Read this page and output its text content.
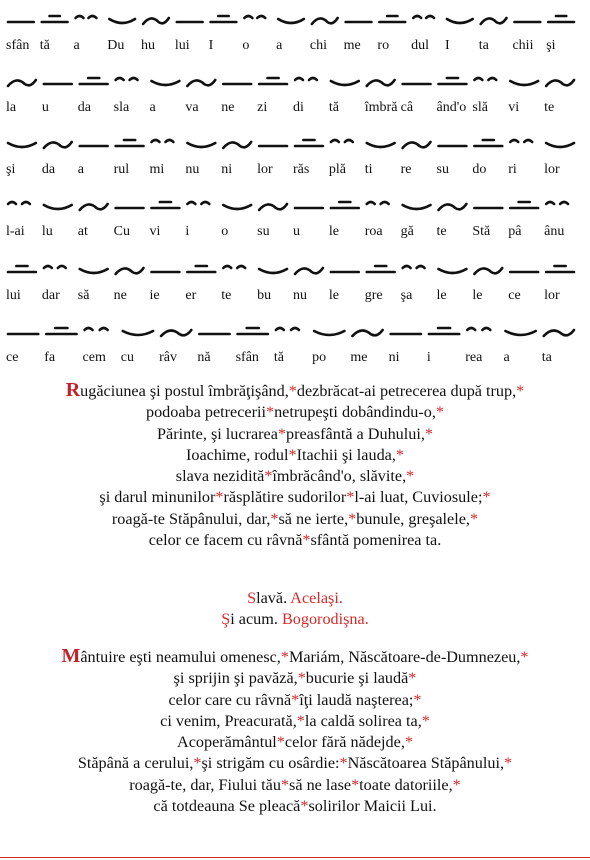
sfân tă a Du hu lui I o a chi me ro dul I ta chii şi
la u da sla a va ne zi di tă îmbră câ ând'o slă vi te
şi da a rul mi nu ni lor răs plă ti re su do ri lor
l-ai lu at Cu vi i o su u le roa gă te Stă pâ ânu
lui dar să ne ie er te bu nu le gre şa le le ce lor
ce fa cem cu râv nă sfân tă po me ni i rea a ta
Rugăciunea şi postul îmbrăţişând,*dezbrăcat-ai petrecerea după trup,*
podoaba petrecerii*netrupeşti dobândindu-o,*
Părinte, şi lucrarea*preasfântă a Duhului,*
Ioachime, rodul*Itachii şi lauda,*
slava nezidită*îmbrăcând'o, slăvite,*
şi darul minunilor*răsplătire sudorilor*l-ai luat, Cuviosule;*
roagă-te Stăpânului, dar,*să ne ierte,*bunule, greşalele,*
celor ce facem cu râvnă*sfântă pomenirea ta.
Slavă. Acelaşi.
Şi acum. Bogorodişna.
Mântuire eşti neamului omenesc,*Mariám, Născătoare-de-Dumnezeu,*
şi sprijin şi pavăză,*bucurie şi laudă*
celor care cu râvnă*îţi laudă naşterea;*
ci venim, Preacurată,*la caldă solirea ta,*
Acoperământul*celor fără nădejde,*
Stăpână a cerului,*şi strigăm cu osârdie:*Născătoarea Stăpânului,*
roagă-te, dar, Fiului tău*să ne lase*toate datoriile,*
că totdeauna Se pleacă*solirilor Maicii Lui.
